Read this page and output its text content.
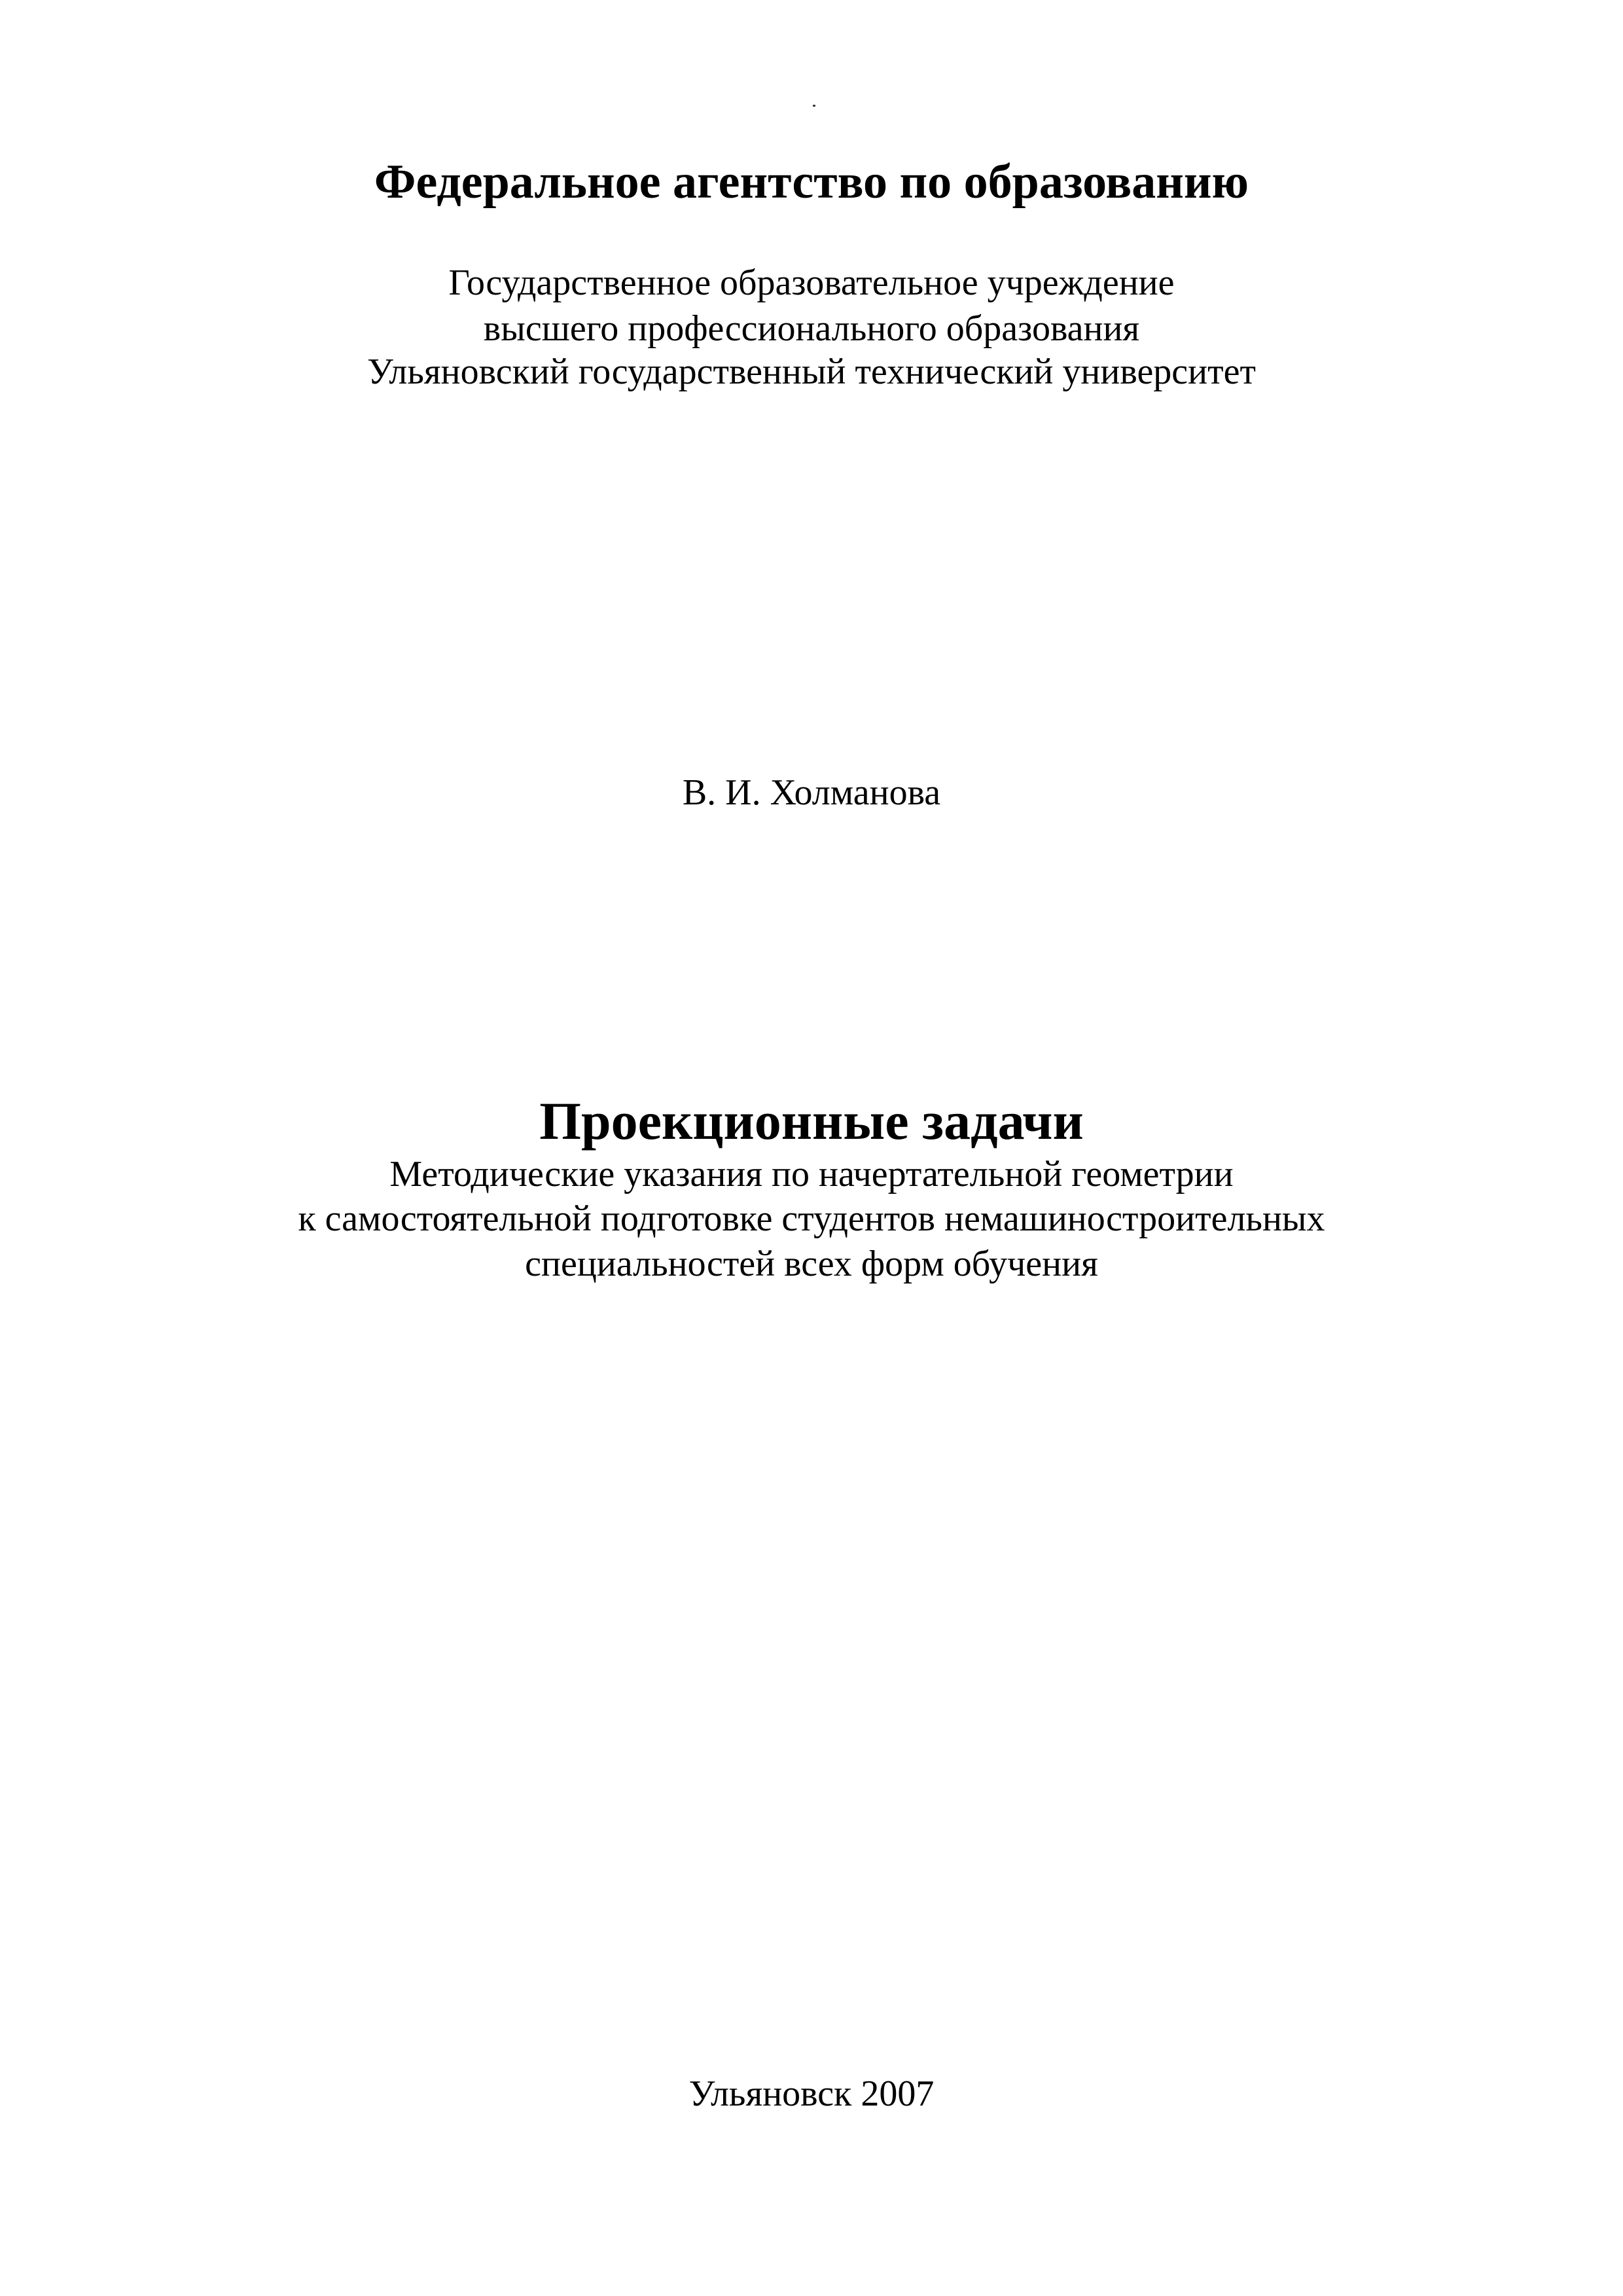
Федеральное агентство по образованию
Государственное образовательное учреждение
высшего профессионального образования
Ульяновский государственный технический университет
В. И. Холманова
Проекционные задачи
Методические указания по начертательной геометрии
к самостоятельной подготовке студентов немашиностроительных
специальностей всех форм обучения
Ульяновск 2007
